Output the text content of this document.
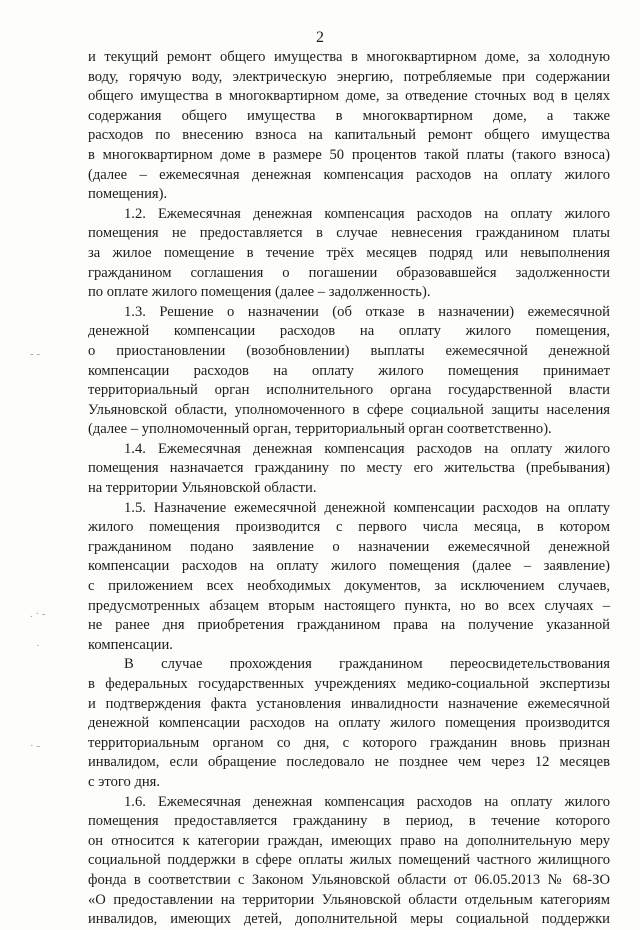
2
- -
. · -
·
· -
и текущий ремонт общего имущества в многоквартирном доме, за холодную
воду, горячую воду, электрическую энергию, потребляемые при содержании
общего имущества в многоквартирном доме, за отведение сточных вод в целях
содержания общего имущества в многоквартирном доме, а также
расходов по внесению взноса на капитальный ремонт общего имущества
в многоквартирном доме в размере 50 процентов такой платы (такого взноса)
(далее – ежемесячная денежная компенсация расходов на оплату жилого
помещения).
1.2. Ежемесячная денежная компенсация расходов на оплату жилого
помещения не предоставляется в случае невнесения гражданином платы
за жилое помещение в течение трёх месяцев подряд или невыполнения
гражданином соглашения о погашении образовавшейся задолженности
по оплате жилого помещения (далее – задолженность).
1.3. Решение о назначении (об отказе в назначении) ежемесячной
денежной компенсации расходов на оплату жилого помещения,
о приостановлении (возобновлении) выплаты ежемесячной денежной
компенсации расходов на оплату жилого помещения принимает
территориальный орган исполнительного органа государственной власти
Ульяновской области, уполномоченного в сфере социальной защиты населения
(далее – уполномоченный орган, территориальный орган соответственно).
1.4. Ежемесячная денежная компенсация расходов на оплату жилого
помещения назначается гражданину по месту его жительства (пребывания)
на территории Ульяновской области.
1.5. Назначение ежемесячной денежной компенсации расходов на оплату
жилого помещения производится с первого числа месяца, в котором
гражданином подано заявление о назначении ежемесячной денежной
компенсации расходов на оплату жилого помещения (далее – заявление)
с приложением всех необходимых документов, за исключением случаев,
предусмотренных абзацем вторым настоящего пункта, но во всех случаях –
не ранее дня приобретения гражданином права на получение указанной
компенсации.
В случае прохождения гражданином переосвидетельствования
в федеральных государственных учреждениях медико-социальной экспертизы
и подтверждения факта установления инвалидности назначение ежемесячной
денежной компенсации расходов на оплату жилого помещения производится
территориальным органом со дня, с которого гражданин вновь признан
инвалидом, если обращение последовало не позднее чем через 12 месяцев
с этого дня.
1.6. Ежемесячная денежная компенсация расходов на оплату жилого
помещения предоставляется гражданину в период, в течение которого
он относится к категории граждан, имеющих право на дополнительную меру
социальной поддержки в сфере оплаты жилых помещений частного жилищного
фонда в соответствии с Законом Ульяновской области от 06.05.2013 № 68-ЗО
«О предоставлении на территории Ульяновской области отдельным категориям
инвалидов, имеющих детей, дополнительной меры социальной поддержки
